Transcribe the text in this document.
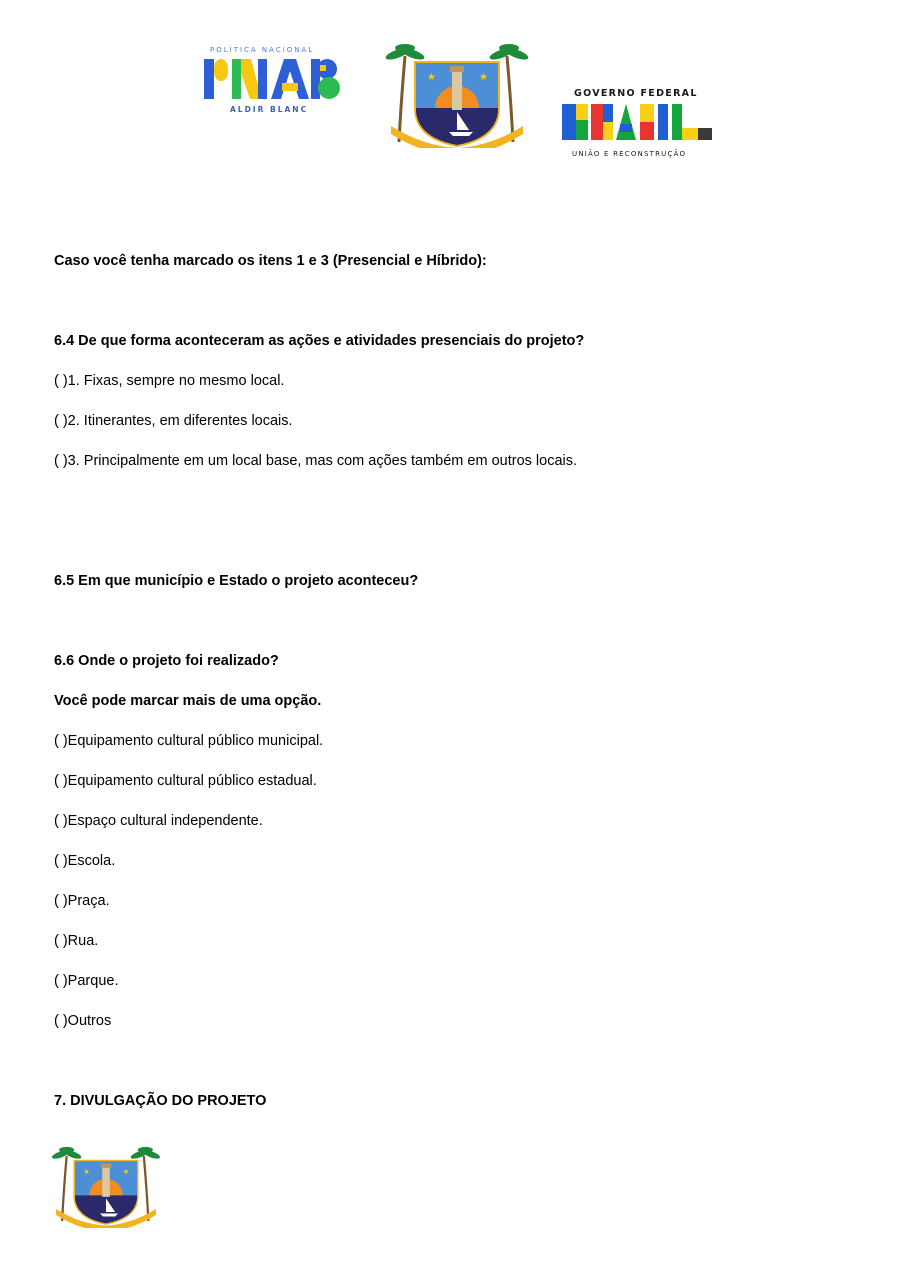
POLÍTICA NACIONAL
ALDIR BLANC
★	★
GOVERNO FEDERAL
UNIÃO E RECONSTRUÇÃO

Caso você tenha marcado os itens 1 e 3 (Presencial e Híbrido):

6.4 De que forma aconteceram as ações e atividades presenciais do projeto?

( )1. Fixas, sempre no mesmo local.

( )2. Itinerantes, em diferentes locais.

( )3. Principalmente em um local base, mas com ações também em outros locais.

6.5 Em que município e Estado o projeto aconteceu?

6.6 Onde o projeto foi realizado?

Você pode marcar mais de uma opção.

( )Equipamento cultural público municipal.

( )Equipamento cultural público estadual.

( )Espaço cultural independente.

( )Escola.

( )Praça.

( )Rua.

( )Parque.

( )Outros

7. DIVULGAÇÃO DO PROJETO

★	★
